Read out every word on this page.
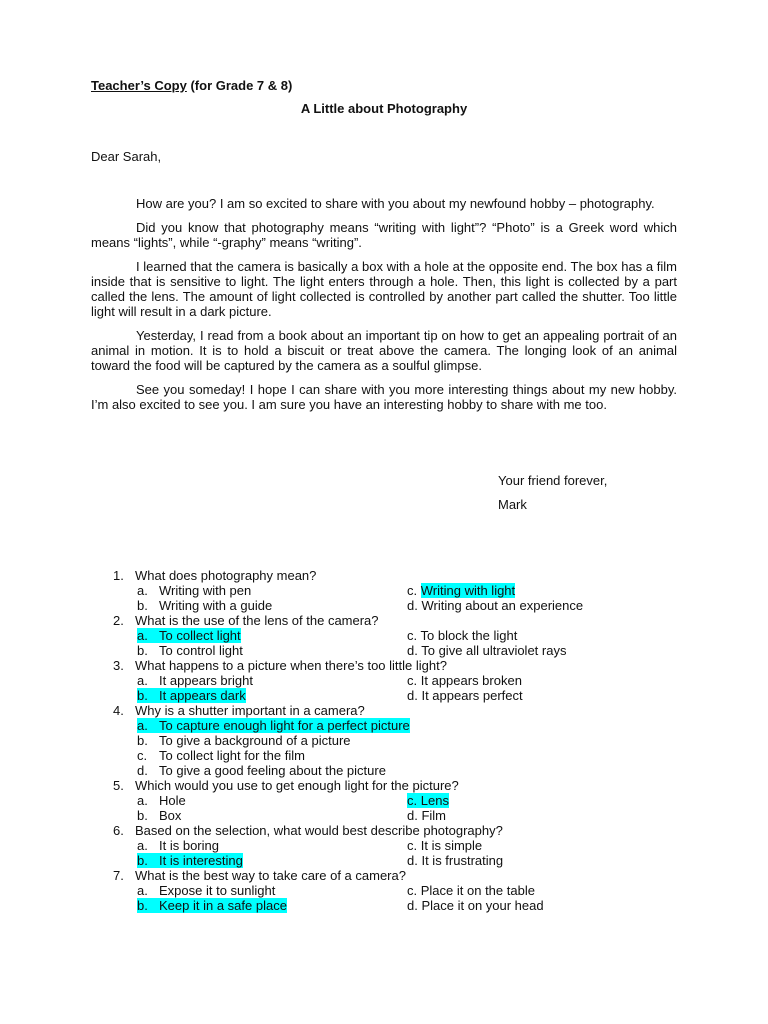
Teacher’s Copy (for Grade 7 & 8)
A Little about Photography
Dear Sarah,

How are you? I am so excited to share with you about my newfound hobby – photography.

Did you know that photography means “writing with light”? “Photo” is a Greek word which means “lights”, while “-graphy” means “writing”.

I learned that the camera is basically a box with a hole at the opposite end. The box has a film inside that is sensitive to light. The light enters through a hole. Then, this light is collected by a part called the lens. The amount of light collected is controlled by another part called the shutter. Too little light will result in a dark picture.

Yesterday, I read from a book about an important tip on how to get an appealing portrait of an animal in motion. It is to hold a biscuit or treat above the camera. The longing look of an animal toward the food will be captured by the camera as a soulful glimpse.

See you someday! I hope I can share with you more interesting things about my new hobby. I’m also excited to see you. I am sure you have an interesting hobby to share with me too.

Your friend forever,
Mark
1. What does photography mean?
a. Writing with pen	c. Writing with light
b. Writing with a guide	d. Writing about an experience
2. What is the use of the lens of the camera?
a. To collect light	c. To block the light
b. To control light	d. To give all ultraviolet rays
3. What happens to a picture when there’s too little light?
a. It appears bright	c. It appears broken
b. It appears dark	d. It appears perfect
4. Why is a shutter important in a camera?
a. To capture enough light for a perfect picture
b. To give a background of a picture
c. To collect light for the film
d. To give a good feeling about the picture
5. Which would you use to get enough light for the picture?
a. Hole	c. Lens
b. Box	d. Film
6. Based on the selection, what would best describe photography?
a. It is boring	c. It is simple
b. It is interesting	d. It is frustrating
7. What is the best way to take care of a camera?
a. Expose it to sunlight	c. Place it on the table
b. Keep it in a safe place	d. Place it on your head
